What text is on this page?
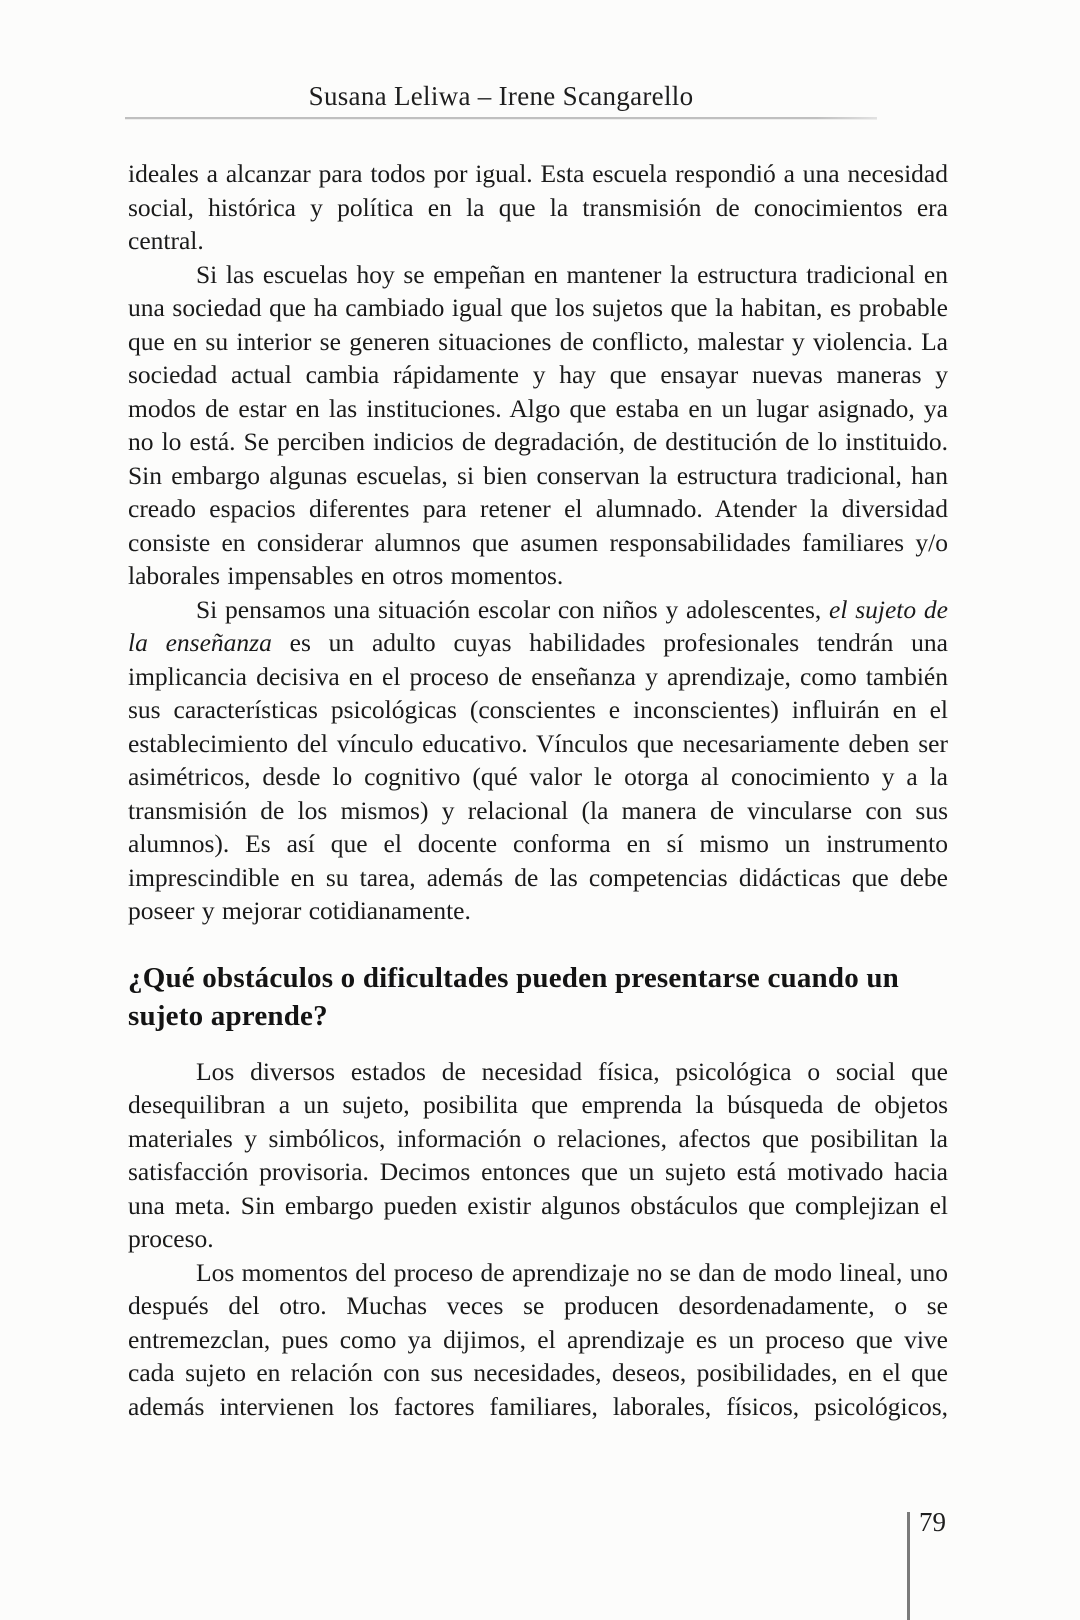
Susana Leliwa – Irene Scangarello

ideales a alcanzar para todos por igual. Esta escuela respondió a una necesidad social, histórica y política en la que la transmisión de conocimientos era central.

Si las escuelas hoy se empeñan en mantener la estructura tradicional en una sociedad que ha cambiado igual que los sujetos que la habitan, es probable que en su interior se generen situaciones de conflicto, malestar y violencia. La sociedad actual cambia rápidamente y hay que ensayar nuevas maneras y modos de estar en las instituciones. Algo que estaba en un lugar asignado, ya no lo está. Se perciben indicios de degradación, de destitución de lo instituido. Sin embargo algunas escuelas, si bien conservan la estructura tradicional, han creado espacios diferentes para retener el alumnado. Atender la diversidad consiste en considerar alumnos que asumen responsabilidades familiares y/o laborales impensables en otros momentos.

Si pensamos una situación escolar con niños y adolescentes, el sujeto de la enseñanza es un adulto cuyas habilidades profesionales tendrán una implicancia decisiva en el proceso de enseñanza y aprendizaje, como también sus características psicológicas (conscientes e inconscientes) influirán en el establecimiento del vínculo educativo. Vínculos que necesariamente deben ser asimétricos, desde lo cognitivo (qué valor le otorga al conocimiento y a la transmisión de los mismos) y relacional (la manera de vincularse con sus alumnos). Es así que el docente conforma en sí mismo un instrumento imprescindible en su tarea, además de las competencias didácticas que debe poseer y mejorar cotidianamente.

¿Qué obstáculos o dificultades pueden presentarse cuando un sujeto aprende?

Los diversos estados de necesidad física, psicológica o social que desequilibran a un sujeto, posibilita que emprenda la búsqueda de objetos materiales y simbólicos, información o relaciones, afectos que posibilitan la satisfacción provisoria. Decimos entonces que un sujeto está motivado hacia una meta. Sin embargo pueden existir algunos obstáculos que complejizan el proceso.

Los momentos del proceso de aprendizaje no se dan de modo lineal, uno después del otro. Muchas veces se producen desordenadamente, o se entremezclan, pues como ya dijimos, el aprendizaje es un proceso que vive cada sujeto en relación con sus necesidades, deseos, posibilidades, en el que además intervienen los factores familiares, laborales, físicos, psicológicos,

79
